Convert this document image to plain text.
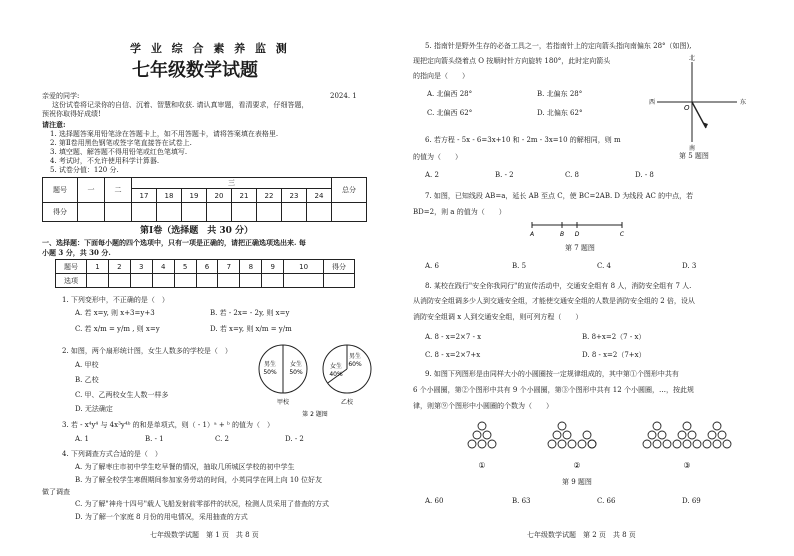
学 业 综 合 素 养 监 测
七年级数学试题
2024. 1
亲爱的同学:
这份试卷将记录你的自信、沉着、智慧和收获. 请认真审题，看清要求，仔细答题，
预祝你取得好成绩!
请注意:
1. 选择题答案用铅笔涂在答题卡上，如不用答题卡，请将答案填在表格里.
2. 第Ⅱ卷用黑色钢笔或签字笔直接答在试卷上.
3. 填空题、解答题不得用铅笔或红色笔填写.
4. 考试时，不允许使用科学计算器.
5. 试卷分值：120 分.
题号	一	二	三								总分
			17	18	19	20	21	22	23	24	
得分											
第Ⅰ卷（选择题　共 30 分）
一、选择题：下面每小题的四个选项中，只有一项是正确的，请把正确选项选出来. 每
小题 3 分，共 30 分.
题号	1	2	3	4	5	6	7	8	9	10	得分
选项											
1. 下列变形中，不正确的是（　）
A. 若 x=y, 则 x+3=y+3	B. 若 - 2x= - 2y, 则 x=y
C. 若 x/m = y/m , 则 x=y	D. 若 x=y, 则 x/m = y/m
2. 如图，两个扇形统计图，女生人数多的学校是（　）
A. 甲校
B. 乙校
C. 甲、乙两校女生人数一样多
D. 无法确定
男生
50%
女生
50%
甲校
男生
60%
女生
40%
乙校
第 2 题图
3. 若 - x⁴y⁴ 与 4x³y⁴ᵇ 的和是单项式，则（ - 1）ᵃ + ᵇ 的值为（　）
A. 1	B. - 1	C. 2	D. - 2
4. 下列调查方式合适的是（　）
A. 为了解枣庄市初中学生吃早餐的情况，抽取几所城区学校的初中学生
B. 为了解全校学生寒假期间参加家务劳动的时间，小英同学在网上向 10 位好友
做了调查
C. 为了解"神舟十四号"载人飞船发射前零部件的状况，检测人员采用了普查的方式
D. 为了解一个家庭 8 月份的用电情况，采用抽查的方式
七年级数学试题　第 1 页　共 8 页
5. 指南针是野外生存的必备工具之一，若指南针上的定向箭头指向南偏东 28°（如图),
现把定向箭头绕着点 O 按顺时针方向旋转 180°，此时定向箭头
的指向是（　　）
A. 北偏西 28°	B. 北偏东 28°
C. 北偏西 62°	D. 北偏东 62°
北
南
西	东
O
第 5 题图
6. 若方程 - 5x - 6=3x+10 和 - 2m - 3x=10 的解相同，则 m
的值为（　　）
A. 2	B. - 2	C. 8	D. - 8
7. 如图，已知线段 AB=a，延长 AB 至点 C，使 BC=2AB. D 为线段 AC 的中点，若
BD=2，则 a 的值为（　　）
A	B D	C
第 7 题图
A. 6	B. 5	C. 4	D. 3
8. 某校在践行"安全你我同行"的宣传活动中，交通安全组有 8 人，消防安全组有 7 人.
从消防安全组调多少人到交通安全组，才能使交通安全组的人数是消防安全组的 2 倍，设从
消防安全组调 x 人到交通安全组，则可列方程（　　）
A. 8 - x=2×7 - x	B. 8+x=2（7 - x）
C. 8 - x=2×7+x	D. 8 - x=2（7+x）
9. 如图下列图形是由同样大小的小圆圈按一定规律组成的，其中第①个图形中共有
6 个小圆圈，第②个图形中共有 9 个小圆圈，第③个图形中共有 12 个小圆圈，…，按此规
律，则第⑨个图形中小圆圈的个数为（　　）
①	②	③
第 9 题图
A. 60	B. 63	C. 66	D. 69
七年级数学试题　第 2 页　共 8 页
